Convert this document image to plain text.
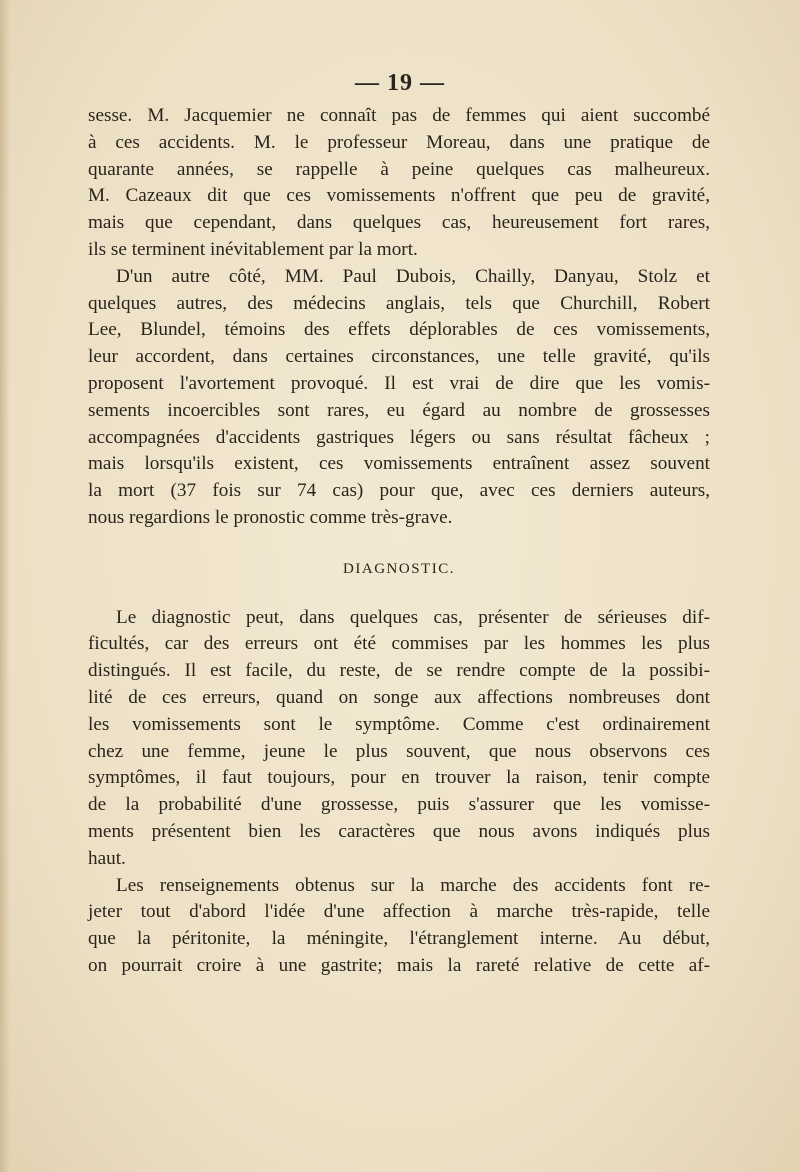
— 19 —
sesse. M. Jacquemier ne connaît pas de femmes qui aient succombé
à ces accidents. M. le professeur Moreau, dans une pratique de
quarante années, se rappelle à peine quelques cas malheureux.
M. Cazeaux dit que ces vomissements n'offrent que peu de gravité,
mais que cependant, dans quelques cas, heureusement fort rares,
ils se terminent inévitablement par la mort.
D'un autre côté, MM. Paul Dubois, Chailly, Danyau, Stolz et
quelques autres, des médecins anglais, tels que Churchill, Robert
Lee, Blundel, témoins des effets déplorables de ces vomissements,
leur accordent, dans certaines circonstances, une telle gravité, qu'ils
proposent l'avortement provoqué. Il est vrai de dire que les vomis-
sements incoercibles sont rares, eu égard au nombre de grossesses
accompagnées d'accidents gastriques légers ou sans résultat fâcheux ;
mais lorsqu'ils existent, ces vomissements entraînent assez souvent
la mort (37 fois sur 74 cas) pour que, avec ces derniers auteurs,
nous regardions le pronostic comme très-grave.
DIAGNOSTIC.
Le diagnostic peut, dans quelques cas, présenter de sérieuses dif-
ficultés, car des erreurs ont été commises par les hommes les plus
distingués. Il est facile, du reste, de se rendre compte de la possibi-
lité de ces erreurs, quand on songe aux affections nombreuses dont
les vomissements sont le symptôme. Comme c'est ordinairement
chez une femme, jeune le plus souvent, que nous observons ces
symptômes, il faut toujours, pour en trouver la raison, tenir compte
de la probabilité d'une grossesse, puis s'assurer que les vomisse-
ments présentent bien les caractères que nous avons indiqués plus
haut.
Les renseignements obtenus sur la marche des accidents font re-
jeter tout d'abord l'idée d'une affection à marche très-rapide, telle
que la péritonite, la méningite, l'étranglement interne. Au début,
on pourrait croire à une gastrite; mais la rareté relative de cette af-
